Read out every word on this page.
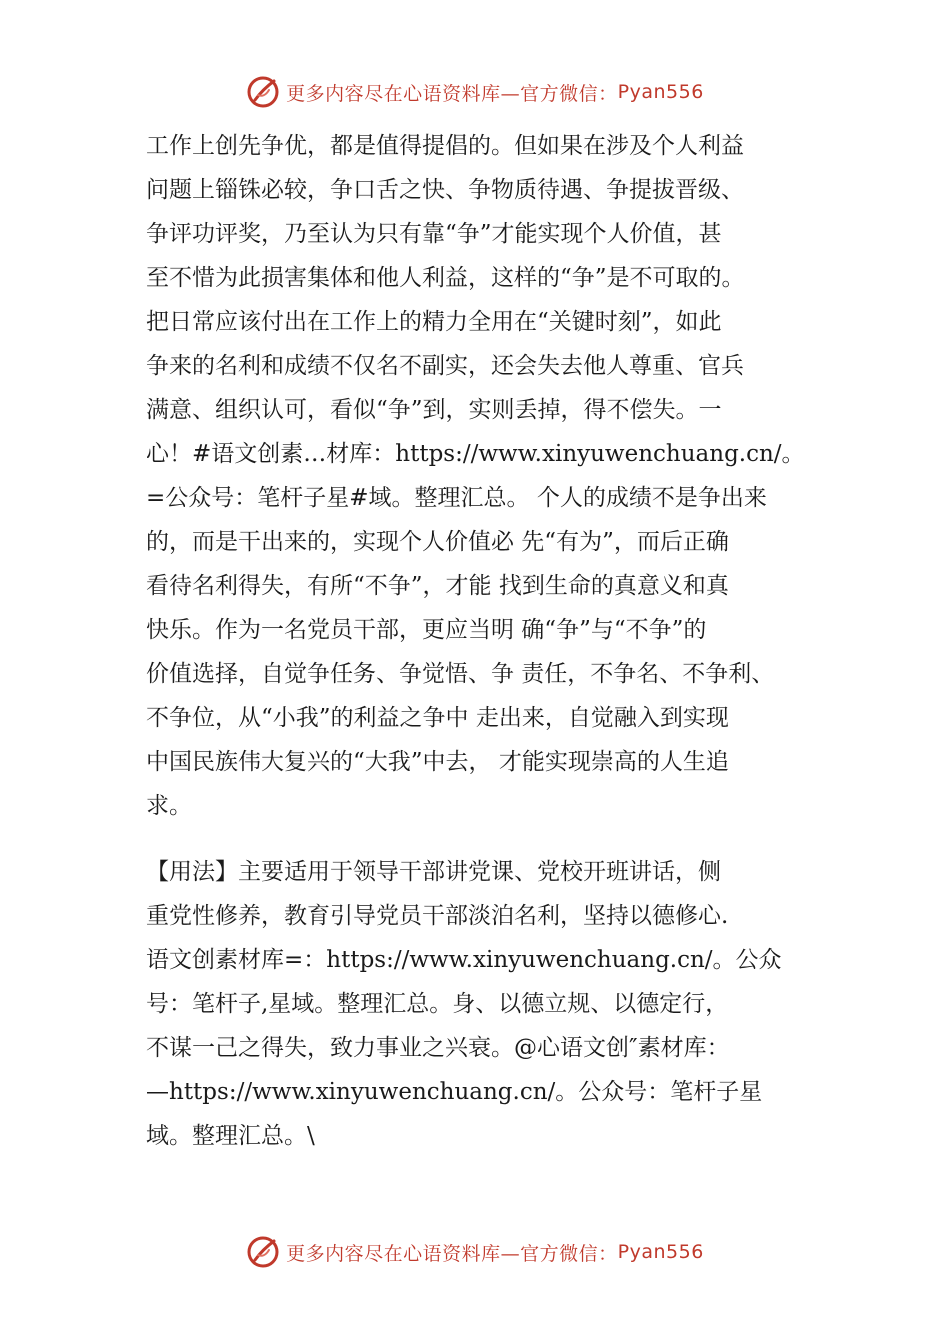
更多内容尽在心语资料库—官方微信： Pyan556
工作上创先争优，都是值得提倡的。但如果在涉及个人利益
问题上锱铢必较，争口舌之快、争物质待遇、争提拔晋级、
争评功评奖，乃至认为只有靠“争”才能实现个人价值，甚
至不惜为此损害集体和他人利益，这样的“争”是不可取的。
把日常应该付出在工作上的精力全用在“关键时刻”，如此
争来的名利和成绩不仅名不副实，还会失去他人尊重、官兵
满意、组织认可，看似“争”到，实则丢掉，得不偿失。一
心！#语文创素…材库：https://www.xinyuwenchuang.cn/。
=公众号：笔杆子星#域。整理汇总。 个人的成绩不是争出来
的，而是干出来的，实现个人价值必 先“有为”，而后正确
看待名利得失，有所“不争”，才能 找到生命的真意义和真
快乐。作为一名党员干部，更应当明 确“争”与“不争”的
价值选择，自觉争任务、争觉悟、争 责任，不争名、不争利、
不争位，从“小我”的利益之争中 走出来，自觉融入到实现
中国民族伟大复兴的“大我”中去， 才能实现崇高的人生追
求。
【用法】主要适用于领导干部讲党课、党校开班讲话，侧
重党性修养，教育引导党员干部淡泊名利，坚持以德修心.
语文创素材库=：https://www.xinyuwenchuang.cn/。公众
号：笔杆子,星域。整理汇总。身、以德立规、以德定行，
不谋一己之得失，致力事业之兴衰。@心语文创″素材库：
—https://www.xinyuwenchuang.cn/。公众号：笔杆子星
域。整理汇总。\
更多内容尽在心语资料库—官方微信： Pyan556
